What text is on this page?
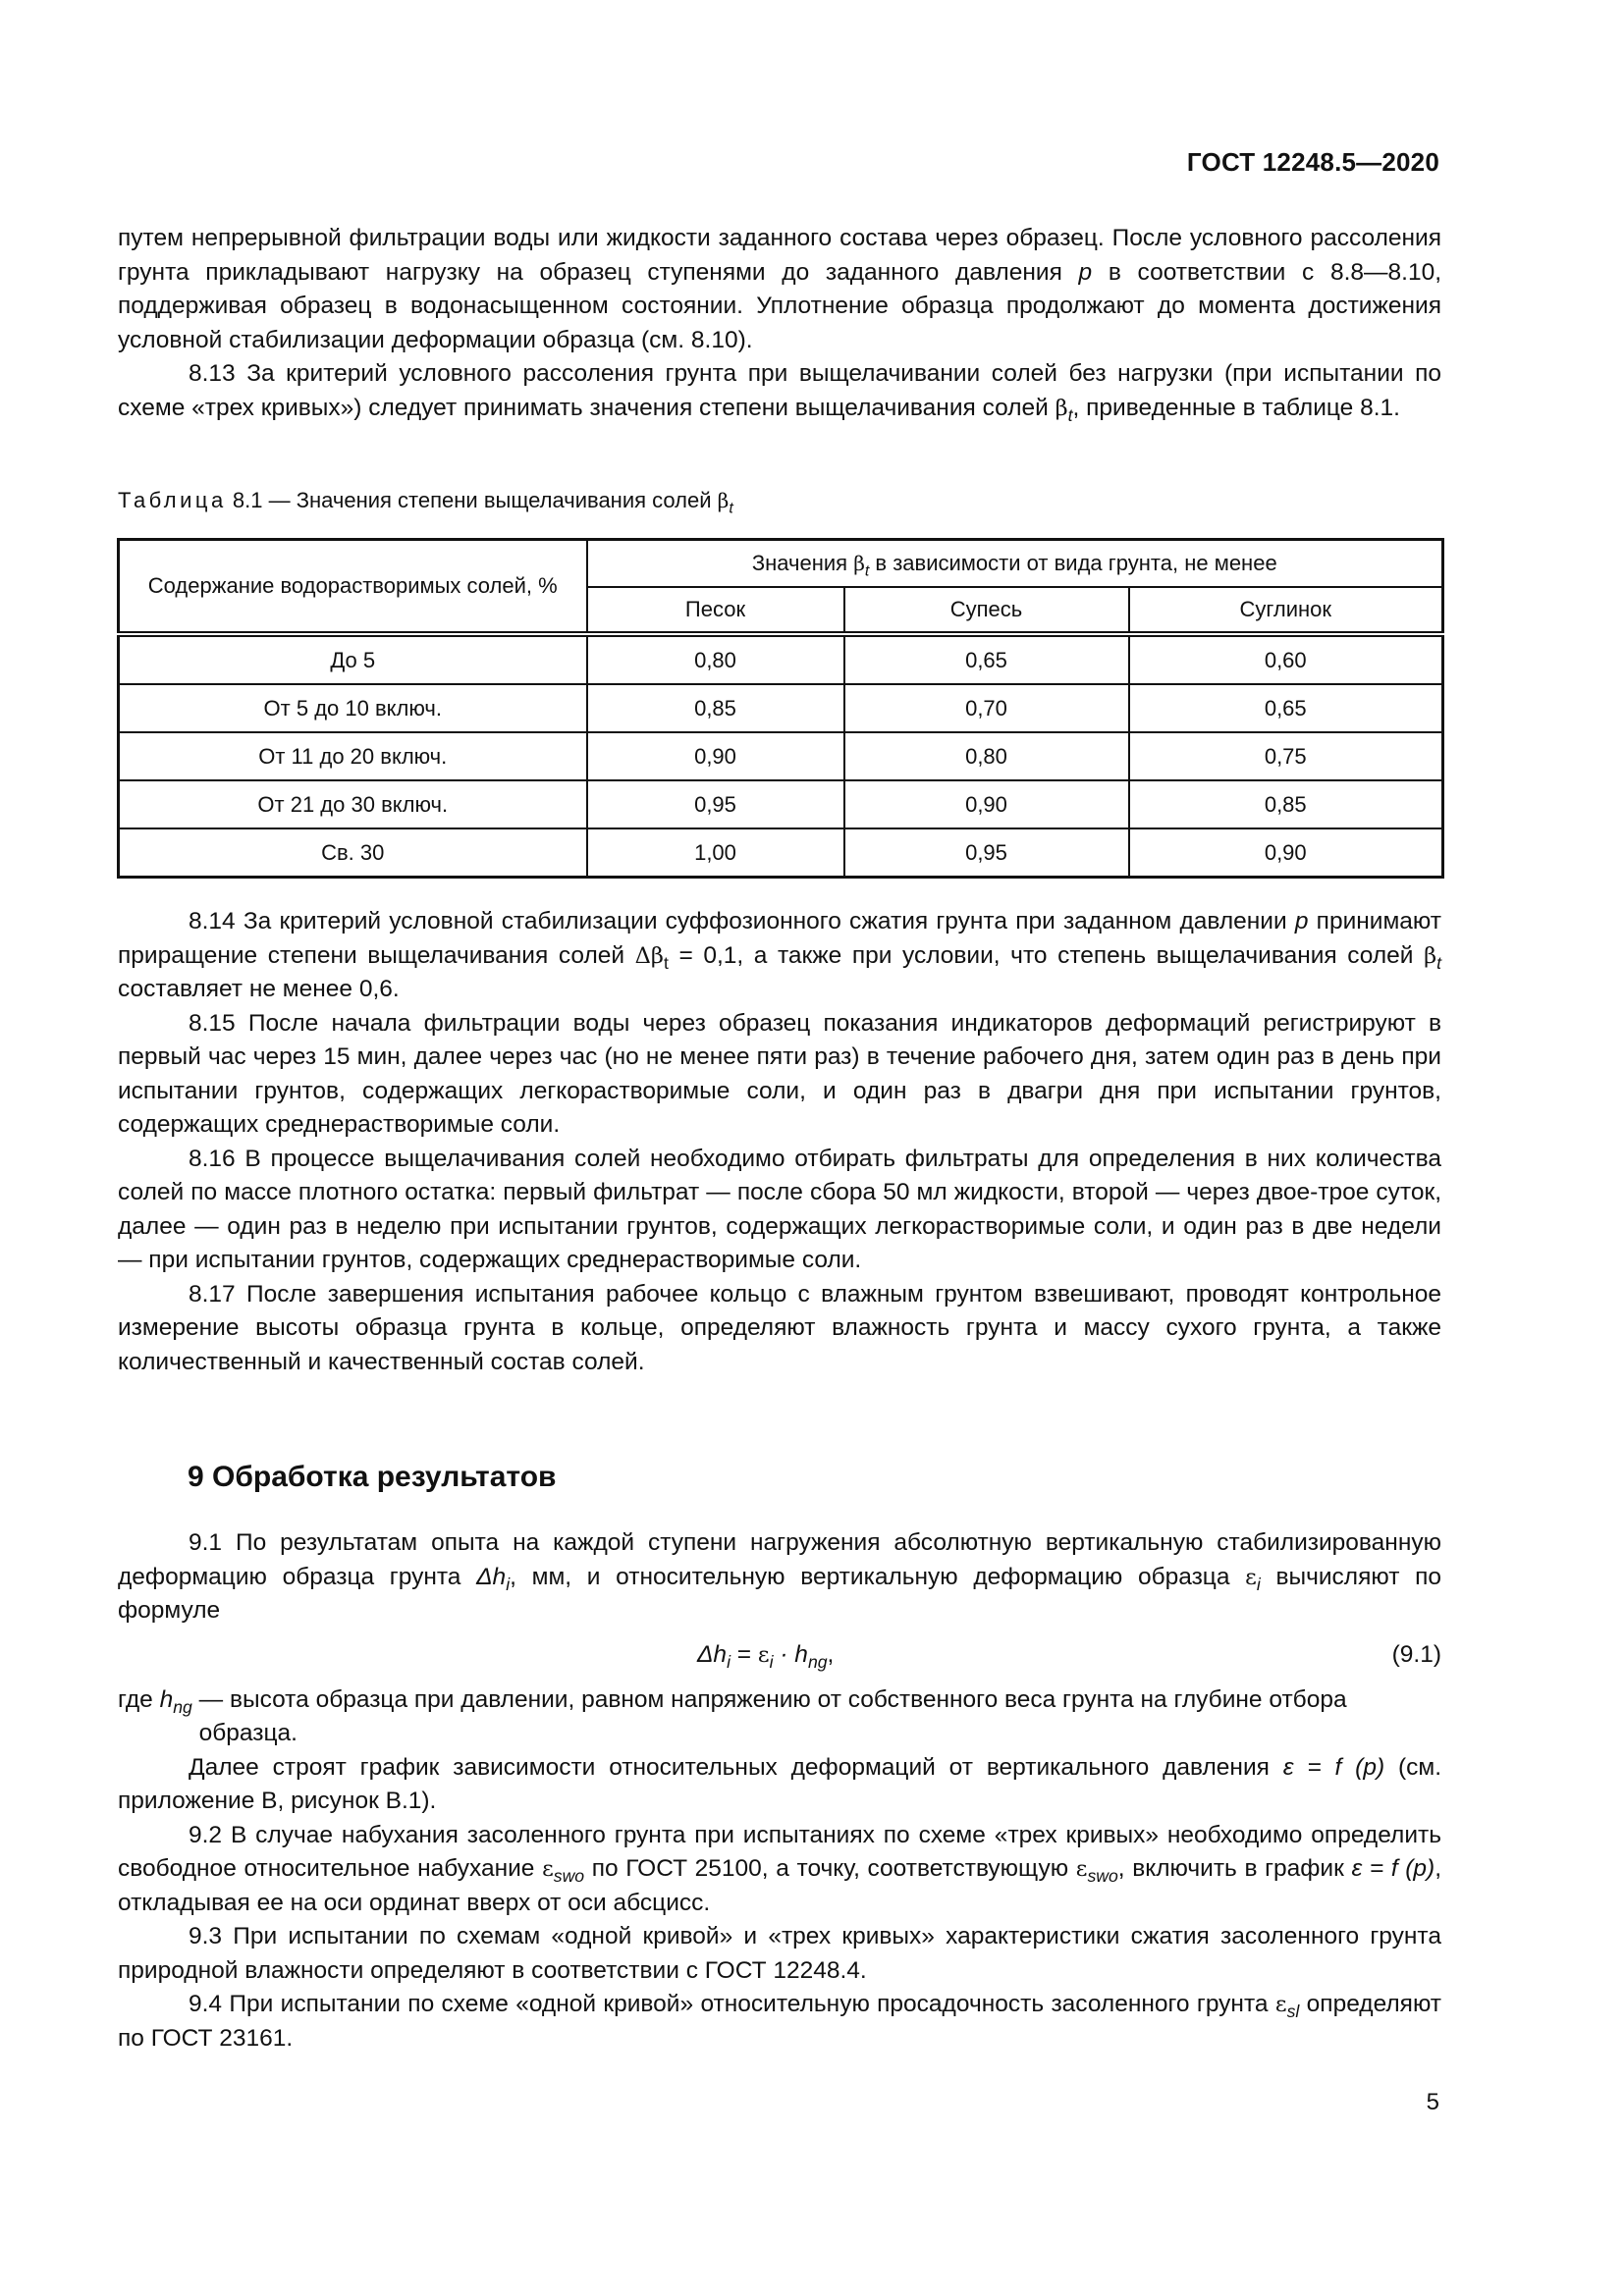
ГОСТ 12248.5—2020

путем непрерывной фильтрации воды или жидкости заданного состава через образец. После условного рассоления грунта прикладывают нагрузку на образец ступенями до заданного давления p в соответствии с 8.8—8.10, поддерживая образец в водонасыщенном состоянии. Уплотнение образца продолжают до момента достижения условной стабилизации деформации образца (см. 8.10).

8.13 За критерий условного рассоления грунта при выщелачивании солей без нагрузки (при испытании по схеме «трех кривых») следует принимать значения степени выщелачивания солей $\beta_t$, приведенные в таблице 8.1.

Таблица 8.1 — Значения степени выщелачивания солей $\beta_t$
Содержание водорастворимых солей, %	Значения $\beta_t$ в зависимости от вида грунта, не менее		
	Песок	Супесь	Суглинок
До 5	0,80	0,65	0,60
От 5 до 10 включ.	0,85	0,70	0,65
От 11 до 20 включ.	0,90	0,80	0,75
От 21 до 30 включ.	0,95	0,90	0,85
Св. 30	1,00	0,95	0,90

8.14 За критерий условной стабилизации суффозионного сжатия грунта при заданном давлении p принимают приращение степени выщелачивания солей $\Delta\beta_t = 0,1$, а также при условии, что степень выщелачивания солей $\beta_t$ составляет не менее 0,6.

8.15 После начала фильтрации воды через образец показания индикаторов деформаций регистрируют в первый час через 15 мин, далее через час (но не менее пяти раз) в течение рабочего дня, затем один раз в день при испытании грунтов, содержащих легкорастворимые соли, и один раз в двагри дня при испытании грунтов, содержащих среднерастворимые соли.

8.16 В процессе выщелачивания солей необходимо отбирать фильтраты для определения в них количества солей по массе плотного остатка: первый фильтрат — после сбора 50 мл жидкости, второй — через двое-трое суток, далее — один раз в неделю при испытании грунтов, содержащих легкорастворимые соли, и один раз в две недели — при испытании грунтов, содержащих среднерастворимые соли.

8.17 После завершения испытания рабочее кольцо с влажным грунтом взвешивают, проводят контрольное измерение высоты образца грунта в кольце, определяют влажность грунта и массу сухого грунта, а также количественный и качественный состав солей.

9 Обработка результатов

9.1 По результатам опыта на каждой ступени нагружения абсолютную вертикальную стабилизированную деформацию образца грунта $\Delta h_i$, мм, и относительную вертикальную деформацию образца $\varepsilon_i$ вычисляют по формуле

$\Delta h_i = \varepsilon_i \cdot h_{ng}$,	(9.1)
где $h_{ng}$ — высота образца при давлении, равном напряжению от собственного веса грунта на глубине отбора образца.

Далее строят график зависимости относительных деформаций от вертикального давления ε = f (p) (см. приложение В, рисунок В.1).

9.2 В случае набухания засоленного грунта при испытаниях по схеме «трех кривых» необходимо определить свободное относительное набухание $\varepsilon_{swo}$ по ГОСТ 25100, а точку, соответствующую $\varepsilon_{swo}$, включить в график ε = f (p), откладывая ее на оси ординат вверх от оси абсцисс.

9.3 При испытании по схемам «одной кривой» и «трех кривых» характеристики сжатия засоленного грунта природной влажности определяют в соответствии с ГОСТ 12248.4.

9.4 При испытании по схеме «одной кривой» относительную просадочность засоленного грунта $\varepsilon_{sl}$ определяют по ГОСТ 23161.

5
